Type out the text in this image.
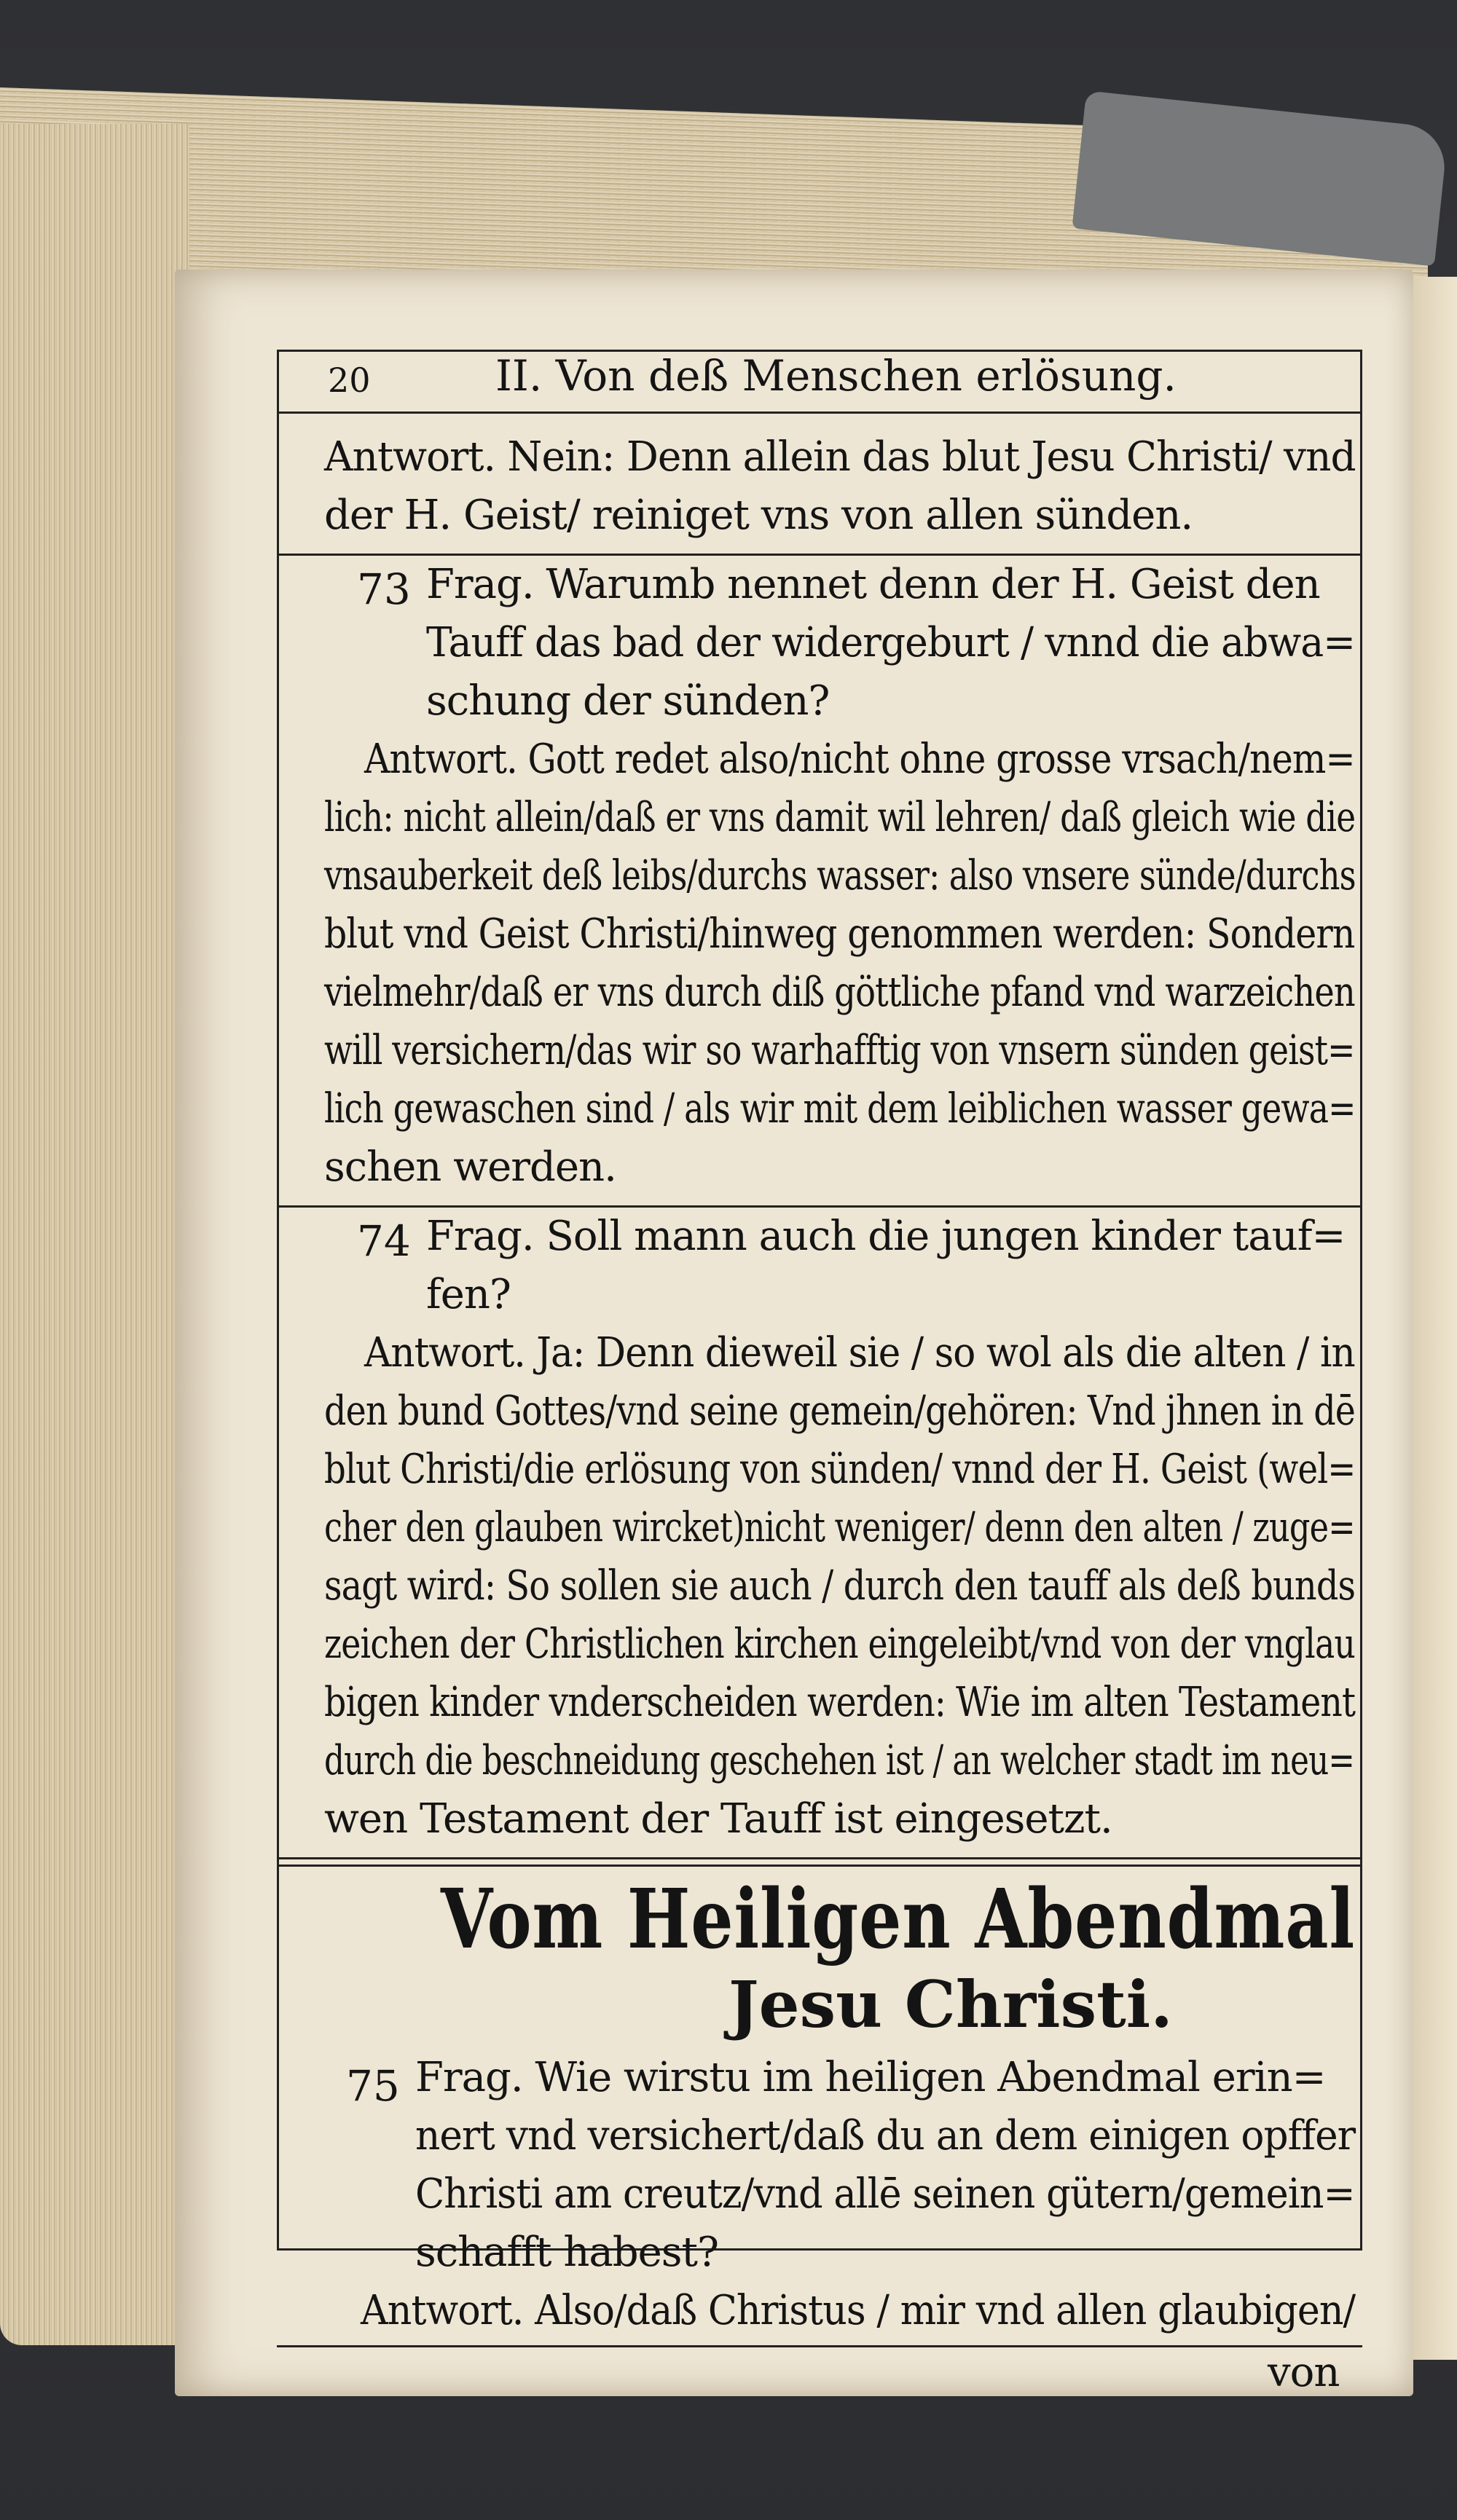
20	II. Von deß Menschen erlösung.
Antwort. Nein: Denn allein das blut Jesu Christi/ vnd
der H. Geist/ reiniget vns von allen sünden.
73 Frag. Warumb nennet denn der H. Geist den
Tauff das bad der widergeburt / vnnd die abwa=
schung der sünden?
Antwort. Gott redet also/nicht ohne grosse vrsach/nem=
lich: nicht allein/daß er vns damit wil lehren/ daß gleich wie die
vnsauberkeit deß leibs/durchs wasser: also vnsere sünde/durchs
blut vnd Geist Christi/hinweg genommen werden: Sondern
vielmehr/daß er vns durch diß göttliche pfand vnd warzeichen
will versichern/das wir so warhafftig von vnsern sünden geist=
lich gewaschen sind / als wir mit dem leiblichen wasser gewa=
schen werden.
74 Frag. Soll mann auch die jungen kinder tauf=
fen?
Antwort. Ja: Denn dieweil sie / so wol als die alten / in
den bund Gottes/vnd seine gemein/gehören: Vnd jhnen in dē
blut Christi/die erlösung von sünden/ vnnd der H. Geist (wel=
cher den glauben wircket)nicht weniger/ denn den alten / zuge=
sagt wird: So sollen sie auch / durch den tauff als deß bunds
zeichen der Christlichen kirchen eingeleibt/vnd von der vnglau
bigen kinder vnderscheiden werden: Wie im alten Testament
durch die beschneidung geschehen ist / an welcher stadt im neu=
wen Testament der Tauff ist eingesetzt.
Vom Heiligen Abendmal
Jesu Christi.
75 Frag. Wie wirstu im heiligen Abendmal erin=
nert vnd versichert/daß du an dem einigen opffer
Christi am creutz/vnd allē seinen gütern/gemein=
schafft habest?
Antwort. Also/daß Christus / mir vnd allen glaubigen/
von
